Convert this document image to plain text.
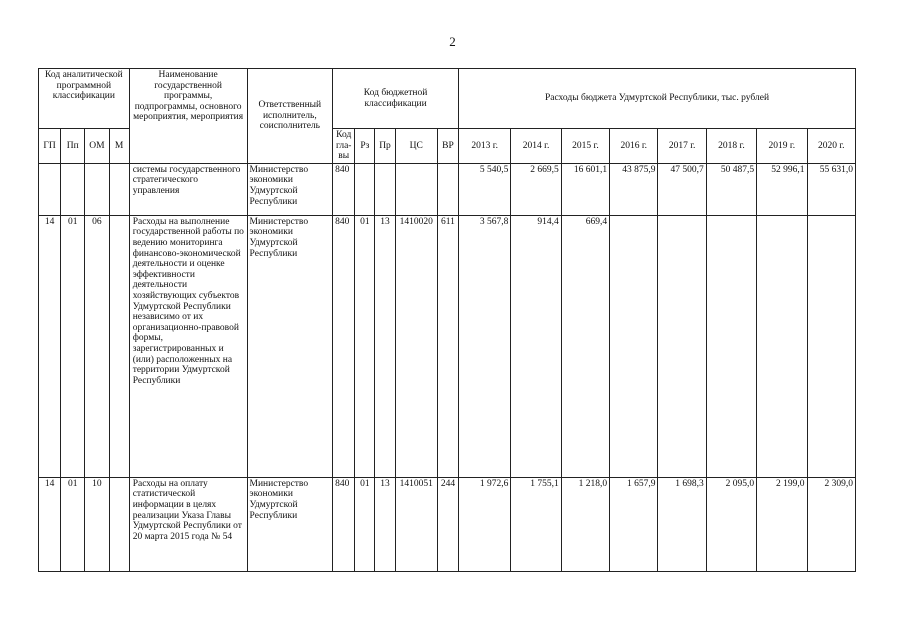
2
Код аналитической программной классификации				Наименование государственной программы, подпрограммы, основного мероприятия, мероприятия	Ответственный исполнитель, соисполнитель	Код бюджетной классификации					Расходы бюджета Удмуртской Республики, тыс. рублей							
ГП	Пп	ОМ	М			Код гла- вы	Рз	Пр	ЦС	ВР	2013 г.	2014 г.	2015 г.	2016 г.	2017 г.	2018 г.	2019 г.	2020 г.
				системы государственного стратегического управления	Министерство экономики Удмуртской Республики	840					5 540,5	2 669,5	16 601,1	43 875,9	47 500,7	50 487,5	52 996,1	55 631,0
14	01	06		Расходы на выполнение государственной работы по ведению мониторинга финансово-экономической деятельности и оценке эффективности деятельности хозяйствующих субъектов Удмуртской Республики независимо от их организационно-правовой формы, зарегистрированных и (или) расположенных на территории Удмуртской Республики	Министерство экономики Удмуртской Республики	840	01	13	1410020	611	3 567,8	914,4	669,4					
14	01	10		Расходы на оплату статистической информации в целях реализации Указа Главы Удмуртской Республики от 20 марта 2015 года № 54	Министерство экономики Удмуртской Республики	840	01	13	1410051	244	1 972,6	1 755,1	1 218,0	1 657,9	1 698,3	2 095,0	2 199,0	2 309,0
